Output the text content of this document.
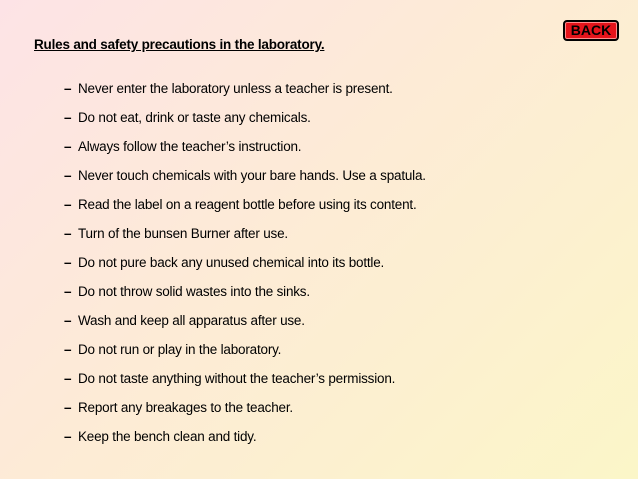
Rules and safety precautions in the laboratory.
BACK
– Never enter the laboratory unless a teacher is present.
– Do not eat, drink or taste any chemicals.
– Always follow the teacher’s instruction.
– Never touch chemicals with your bare hands. Use a spatula.
– Read the label on a reagent bottle before using its content.
– Turn of the bunsen Burner after use.
– Do not pure back any unused chemical into its bottle.
– Do not throw solid wastes into the sinks.
– Wash and keep all apparatus after use.
– Do not run or play in the laboratory.
– Do not taste anything without the teacher’s permission.
– Report any breakages to the teacher.
– Keep the bench clean and tidy.
